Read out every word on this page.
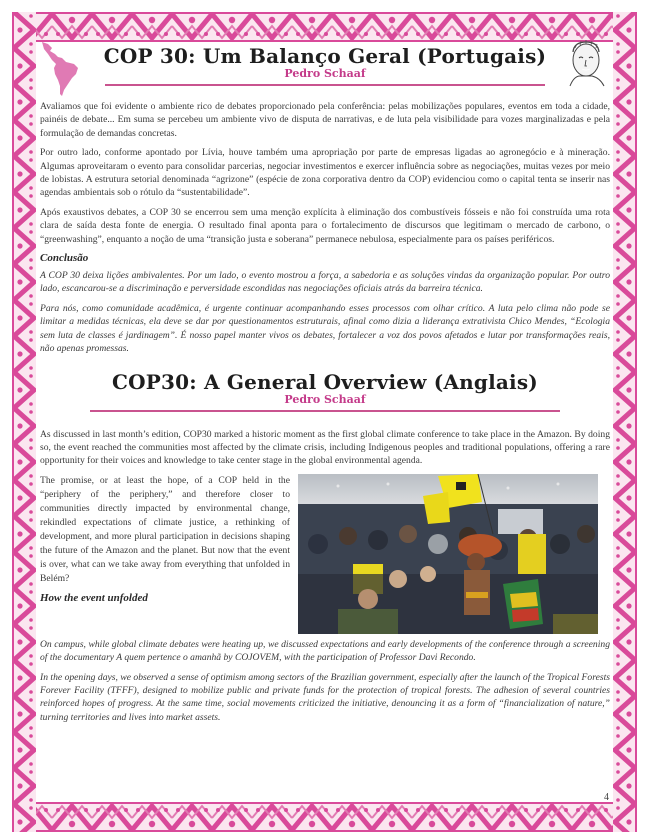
COP 30: Um Balanço Geral (Portugais)

Pedro Schaaf

Avaliamos que foi evidente o ambiente rico de debates proporcionado pela conferência: pelas mobilizações populares, eventos em toda a cidade, painéis de debate... Em suma se percebeu um ambiente vivo de disputa de narrativas, e de luta pela visibilidade para vozes marginalizadas e pela formulação de demandas concretas.

Por outro lado, conforme apontado por Lívia, houve também uma apropriação por parte de empresas ligadas ao agronegócio e à mineração. Algumas aproveitaram o evento para consolidar parcerias, negociar investimentos e exercer influência sobre as negociações, muitas vezes por meio de lobistas. A estrutura setorial denominada “agrizone” (espécie de zona corporativa dentro da COP) evidenciou como o capital tenta se inserir nas agendas ambientais sob o rótulo da “sustentabilidade”.

Após exaustivos debates, a COP 30 se encerrou sem uma menção explícita à eliminação dos combustíveis fósseis e não foi construída uma rota clara de saída desta fonte de energia. O resultado final aponta para o fortalecimento de discursos que legitimam o mercado de carbono, o “greenwashing”, enquanto a noção de uma “transição justa e soberana” permanece nebulosa, especialmente para os países periféricos.

Conclusão

A COP 30 deixa lições ambivalentes. Por um lado, o evento mostrou a força, a sabedoria e as soluções vindas da organização popular. Por outro lado, escancarou-se a discriminação e perversidade escondidas nas negociações oficiais atrás da barreira técnica.

Para nós, como comunidade acadêmica, é urgente continuar acompanhando esses processos com olhar crítico. A luta pelo clima não pode se limitar a medidas técnicas, ela deve se dar por questionamentos estruturais, afinal como dizia a liderança extrativista Chico Mendes, “Ecologia sem luta de classes é jardinagem”. É nosso papel manter vivos os debates, fortalecer a voz dos povos afetados e lutar por transformações reais, não apenas promessas.

COP30: A General Overview (Anglais)

Pedro Schaaf

As discussed in last month’s edition, COP30 marked a historic moment as the first global climate conference to take place in the Amazon. By doing so, the event reached the communities most affected by the climate crisis, including Indigenous peoples and traditional populations, offering a rare opportunity for their voices and knowledge to take center stage in the global environmental agenda.

The promise, or at least the hope, of a COP held in the “periphery of the periphery,” and therefore closer to communities directly impacted by environmental change, rekindled expectations of climate justice, a rethinking of development, and more plural participation in decisions shaping the future of the Amazon and the planet. But now that the event is over, what can we take away from everything that unfolded in Belém?

How the event unfolded

On campus, while global climate debates were heating up, we discussed expectations and early developments of the conference through a screening of the documentary A quem pertence o amanhã by COJOVEM, with the participation of Professor Davi Recondo.

In the opening days, we observed a sense of optimism among sectors of the Brazilian government, especially after the launch of the Tropical Forests Forever Facility (TFFF), designed to mobilize public and private funds for the protection of tropical forests. The adhesion of several countries reinforced hopes of progress. At the same time, social movements criticized the initiative, denouncing it as a form of “financialization of nature,” turning territories and lives into market assets.

4
